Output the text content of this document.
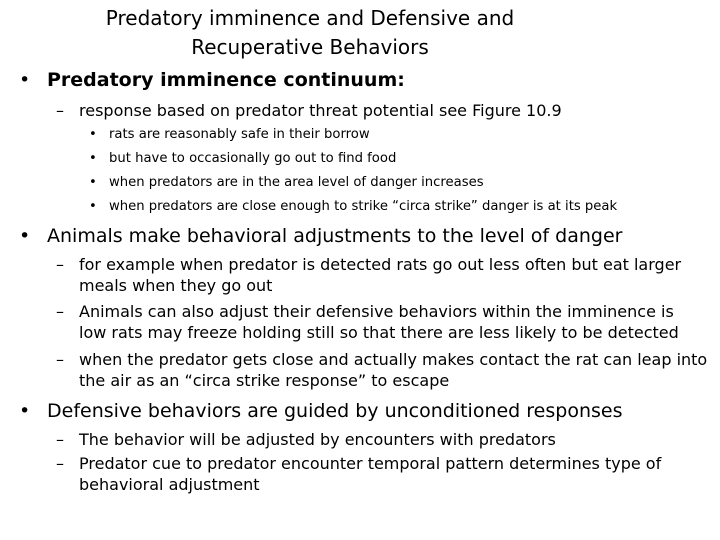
Predatory imminence and Defensive and
Recuperative Behaviors
• Predatory imminence continuum:
– response based on predator threat potential see Figure 10.9
• rats are reasonably safe in their borrow
• but have to occasionally go out to find food
• when predators are in the area level of danger increases
• when predators are close enough to strike “circa strike” danger is at its peak
• Animals make behavioral adjustments to the level of danger
– for example when predator is detected rats go out less often but eat larger meals when they go out
– Animals can also adjust their defensive behaviors within the imminence is low rats may freeze holding still so that there are less likely to be detected
– when the predator gets close and actually makes contact the rat can leap into the air as an “circa strike response” to escape
• Defensive behaviors are guided by unconditioned responses
– The behavior will be adjusted by encounters with predators
– Predator cue to predator encounter temporal pattern determines type of behavioral adjustment
